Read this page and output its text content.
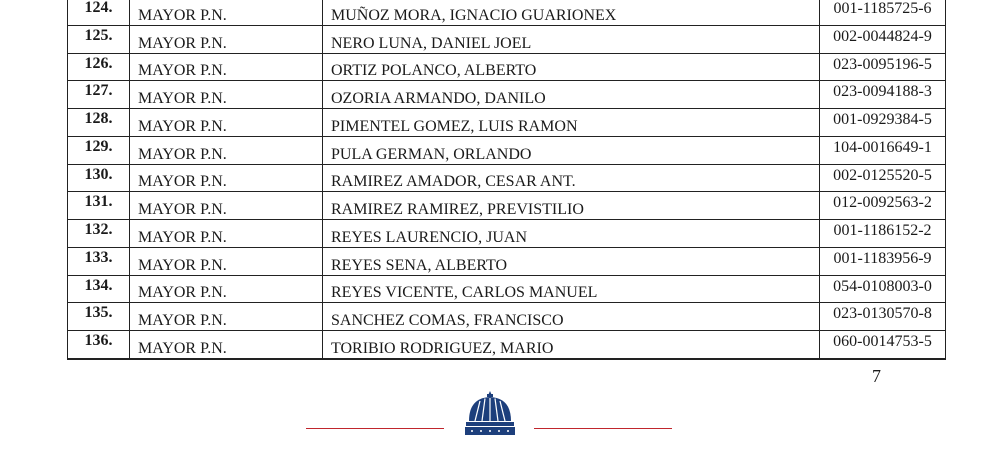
124.	MAYOR P.N.	MUÑOZ MORA, IGNACIO GUARIONEX	001-1185725-6
125.	MAYOR P.N.	NERO LUNA, DANIEL JOEL	002-0044824-9
126.	MAYOR P.N.	ORTIZ POLANCO, ALBERTO	023-0095196-5
127.	MAYOR P.N.	OZORIA ARMANDO, DANILO	023-0094188-3
128.	MAYOR P.N.	PIMENTEL GOMEZ, LUIS RAMON	001-0929384-5
129.	MAYOR P.N.	PULA GERMAN, ORLANDO	104-0016649-1
130.	MAYOR P.N.	RAMIREZ AMADOR, CESAR ANT.	002-0125520-5
131.	MAYOR P.N.	RAMIREZ RAMIREZ, PREVISTILIO	012-0092563-2
132.	MAYOR P.N.	REYES LAURENCIO, JUAN	001-1186152-2
133.	MAYOR P.N.	REYES SENA, ALBERTO	001-1183956-9
134.	MAYOR P.N.	REYES VICENTE, CARLOS MANUEL	054-0108003-0
135.	MAYOR P.N.	SANCHEZ COMAS, FRANCISCO	023-0130570-8
136.	MAYOR P.N.	TORIBIO RODRIGUEZ, MARIO	060-0014753-5
7
